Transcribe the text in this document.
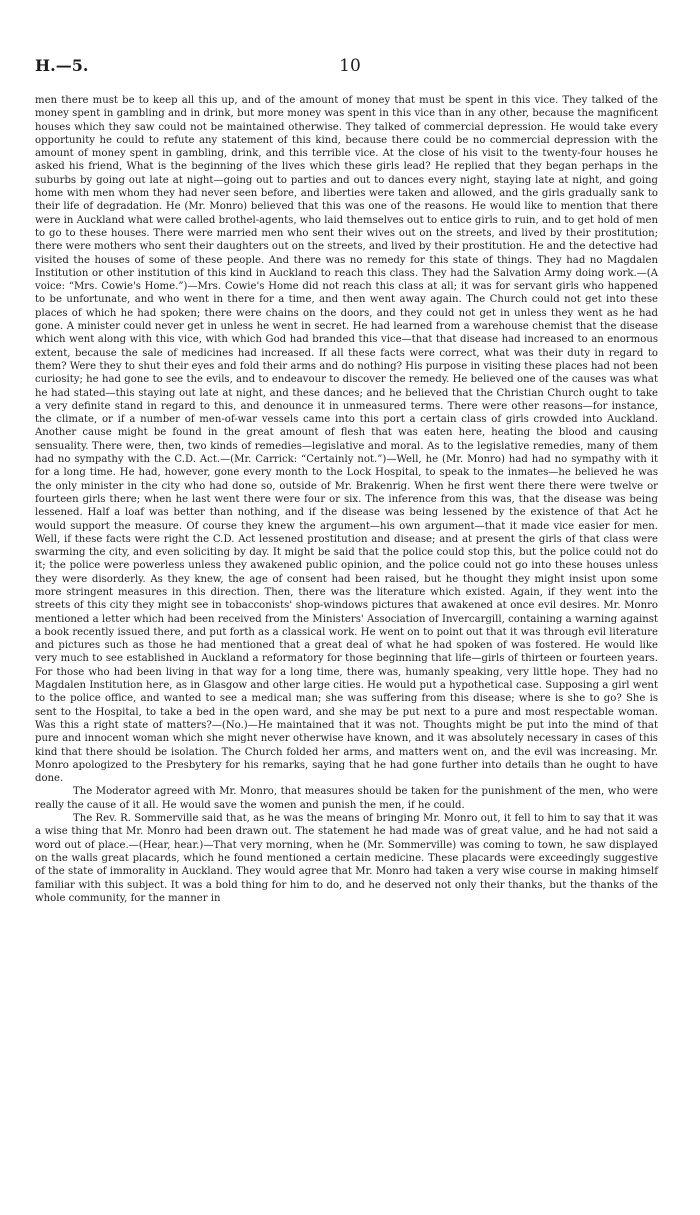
H.—5.	10

men there must be to keep all this up, and of the amount of money that must be spent in this vice. They talked of the money spent in gambling and in drink, but more money was spent in this vice than in any other, because the magnificent houses which they saw could not be maintained otherwise. They talked of commercial depression. He would take every opportunity he could to refute any statement of this kind, because there could be no commercial depression with the amount of money spent in gambling, drink, and this terrible vice. At the close of his visit to the twenty-four houses he asked his friend, What is the beginning of the lives which these girls lead? He replied that they began perhaps in the suburbs by going out late at night—going out to parties and out to dances every night, staying late at night, and going home with men whom they had never seen before, and liberties were taken and allowed, and the girls gradually sank to their life of degradation. He (Mr. Monro) believed that this was one of the reasons. He would like to mention that there were in Auckland what were called brothel-agents, who laid themselves out to entice girls to ruin, and to get hold of men to go to these houses. There were married men who sent their wives out on the streets, and lived by their prostitution; there were mothers who sent their daughters out on the streets, and lived by their prostitution. He and the detective had visited the houses of some of these people. And there was no remedy for this state of things. They had no Magdalen Institution or other institution of this kind in Auckland to reach this class. They had the Salvation Army doing work.—(A voice: “Mrs. Cowie's Home.”)—Mrs. Cowie's Home did not reach this class at all; it was for servant girls who happened to be unfortunate, and who went in there for a time, and then went away again. The Church could not get into these places of which he had spoken; there were chains on the doors, and they could not get in unless they went as he had gone. A minister could never get in unless he went in secret. He had learned from a warehouse chemist that the disease which went along with this vice, with which God had branded this vice—that that disease had increased to an enormous extent, because the sale of medicines had increased. If all these facts were correct, what was their duty in regard to them? Were they to shut their eyes and fold their arms and do nothing? His purpose in visiting these places had not been curiosity; he had gone to see the evils, and to endeavour to discover the remedy. He believed one of the causes was what he had stated—this staying out late at night, and these dances; and he believed that the Christian Church ought to take a very definite stand in regard to this, and denounce it in unmeasured terms. There were other reasons—for instance, the climate, or if a number of men-of-war vessels came into this port a certain class of girls crowded into Auckland. Another cause might be found in the great amount of flesh that was eaten here, heating the blood and causing sensuality. There were, then, two kinds of remedies—legislative and moral. As to the legislative remedies, many of them had no sympathy with the C.D. Act.—(Mr. Carrick: “Certainly not.”)—Well, he (Mr. Monro) had had no sympathy with it for a long time. He had, however, gone every month to the Lock Hospital, to speak to the inmates—he believed he was the only minister in the city who had done so, outside of Mr. Brakenrig. When he first went there there were twelve or fourteen girls there; when he last went there were four or six. The inference from this was, that the disease was being lessened. Half a loaf was better than nothing, and if the disease was being lessened by the existence of that Act he would support the measure. Of course they knew the argument—his own argument—that it made vice easier for men. Well, if these facts were right the C.D. Act lessened prostitution and disease; and at present the girls of that class were swarming the city, and even soliciting by day. It might be said that the police could stop this, but the police could not do it; the police were powerless unless they awakened public opinion, and the police could not go into these houses unless they were disorderly. As they knew, the age of consent had been raised, but he thought they might insist upon some more stringent measures in this direction. Then, there was the literature which existed. Again, if they went into the streets of this city they might see in tobacconists' shop-windows pictures that awakened at once evil desires. Mr. Monro mentioned a letter which had been received from the Ministers' Association of Invercargill, containing a warning against a book recently issued there, and put forth as a classical work. He went on to point out that it was through evil literature and pictures such as those he had mentioned that a great deal of what he had spoken of was fostered. He would like very much to see established in Auckland a reformatory for those beginning that life—girls of thirteen or fourteen years. For those who had been living in that way for a long time, there was, humanly speaking, very little hope. They had no Magdalen Institution here, as in Glasgow and other large cities. He would put a hypothetical case. Supposing a girl went to the police office, and wanted to see a medical man; she was suffering from this disease; where is she to go? She is sent to the Hospital, to take a bed in the open ward, and she may be put next to a pure and most respectable woman. Was this a right state of matters?—(No.)—He maintained that it was not. Thoughts might be put into the mind of that pure and innocent woman which she might never otherwise have known, and it was absolutely necessary in cases of this kind that there should be isolation. The Church folded her arms, and matters went on, and the evil was increasing. Mr. Monro apologized to the Presbytery for his remarks, saying that he had gone further into details than he ought to have done.

The Moderator agreed with Mr. Monro, that measures should be taken for the punishment of the men, who were really the cause of it all. He would save the women and punish the men, if he could.

The Rev. R. Sommerville said that, as he was the means of bringing Mr. Monro out, it fell to him to say that it was a wise thing that Mr. Monro had been drawn out. The statement he had made was of great value, and he had not said a word out of place.—(Hear, hear.)—That very morning, when he (Mr. Sommerville) was coming to town, he saw displayed on the walls great placards, which he found mentioned a certain medicine. These placards were exceedingly suggestive of the state of immorality in Auckland. They would agree that Mr. Monro had taken a very wise course in making himself familiar with this subject. It was a bold thing for him to do, and he deserved not only their thanks, but the thanks of the whole community, for the manner in
